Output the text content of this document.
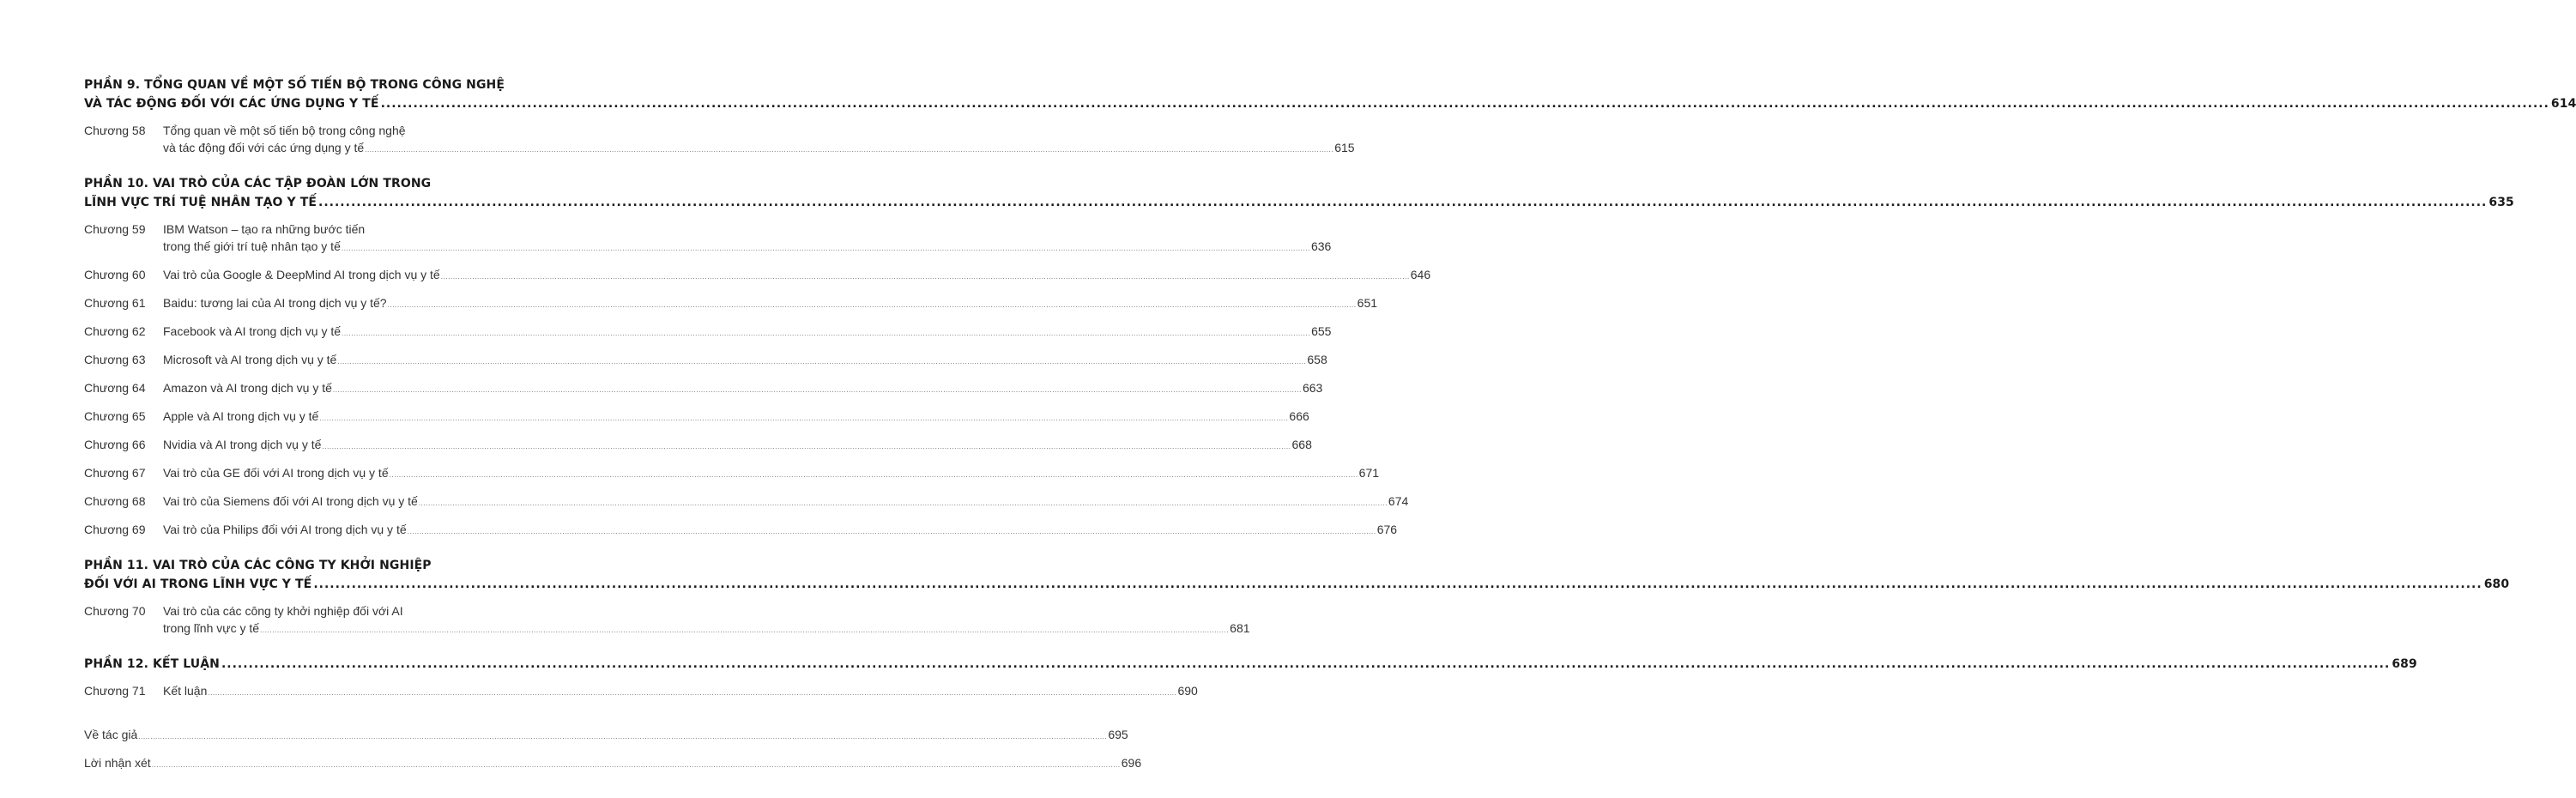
PHẦN 9. TỔNG QUAN VỀ MỘT SỐ TIẾN BỘ TRONG CÔNG NGHỆ
VÀ TÁC ĐỘNG ĐỐI VỚI CÁC ỨNG DỤNG Y TẾ ................................................................................................................................................................................................................................................................................................................................................................................................................ 614
Chương 58	Tổng quan về một số tiến bộ trong công nghệ
và tác động đối với các ứng dụng y tế ................................................................................................................................................................................................................................................................................................................................................................................................................ 615
PHẦN 10. VAI TRÒ CỦA CÁC TẬP ĐOÀN LỚN TRONG
LĨNH VỰC TRÍ TUỆ NHÂN TẠO Y TẾ ................................................................................................................................................................................................................................................................................................................................................................................................................ 635
Chương 59	IBM Watson – tạo ra những bước tiến
trong thế giới trí tuệ nhân tạo y tế ................................................................................................................................................................................................................................................................................................................................................................................................................ 636
Chương 60	Vai trò của Google & DeepMind AI trong dịch vụ y tế ................................................................................................................................................................................................................................................................................................................................................................................................................ 646
Chương 61	Baidu: tương lai của AI trong dịch vụ y tế? ................................................................................................................................................................................................................................................................................................................................................................................................................ 651
Chương 62	Facebook và AI trong dịch vụ y tế ................................................................................................................................................................................................................................................................................................................................................................................................................ 655
Chương 63	Microsoft và AI trong dịch vụ y tế ................................................................................................................................................................................................................................................................................................................................................................................................................ 658
Chương 64	Amazon và AI trong dịch vụ y tế ................................................................................................................................................................................................................................................................................................................................................................................................................ 663
Chương 65	Apple và AI trong dịch vụ y tế ................................................................................................................................................................................................................................................................................................................................................................................................................ 666
Chương 66	Nvidia và AI trong dịch vụ y tế ................................................................................................................................................................................................................................................................................................................................................................................................................ 668
Chương 67	Vai trò của GE đối với AI trong dịch vụ y tế ................................................................................................................................................................................................................................................................................................................................................................................................................ 671
Chương 68	Vai trò của Siemens đối với AI trong dịch vụ y tế ................................................................................................................................................................................................................................................................................................................................................................................................................ 674
Chương 69	Vai trò của Philips đối với AI trong dịch vụ y tế ................................................................................................................................................................................................................................................................................................................................................................................................................ 676
PHẦN 11. VAI TRÒ CỦA CÁC CÔNG TY KHỞI NGHIỆP
ĐỐI VỚI AI TRONG LĨNH VỰC Y TẾ ................................................................................................................................................................................................................................................................................................................................................................................................................ 680
Chương 70	Vai trò của các công ty khởi nghiệp đối với AI
trong lĩnh vực y tế ................................................................................................................................................................................................................................................................................................................................................................................................................ 681
PHẦN 12. KẾT LUẬN ................................................................................................................................................................................................................................................................................................................................................................................................................ 689
Chương 71	Kết luận ................................................................................................................................................................................................................................................................................................................................................................................................................ 690
Về tác giả ................................................................................................................................................................................................................................................................................................................................................................................................................ 695
Lời nhận xét ................................................................................................................................................................................................................................................................................................................................................................................................................ 696
